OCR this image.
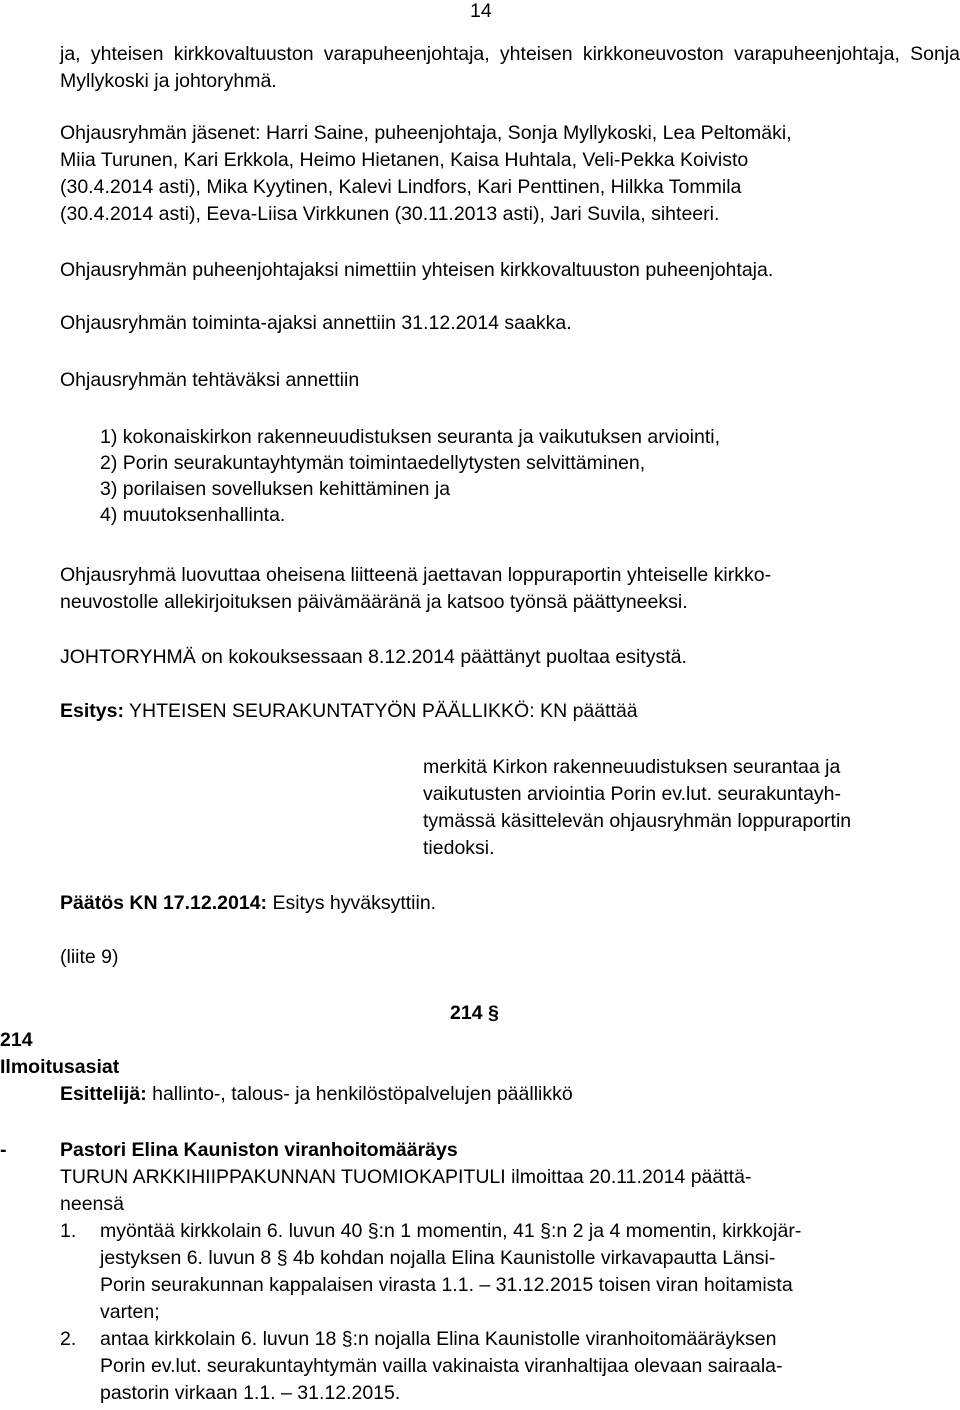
14
ja, yhteisen kirkkovaltuuston varapuheenjohtaja, yhteisen kirkkoneuvoston varapuheenjohtaja, Sonja Myllykoski ja johtoryhmä.
Ohjausryhmän jäsenet: Harri Saine, puheenjohtaja, Sonja Myllykoski, Lea Peltomäki,
Miia Turunen, Kari Erkkola, Heimo Hietanen, Kaisa Huhtala, Veli-Pekka Koivisto
(30.4.2014 asti), Mika Kyytinen, Kalevi Lindfors, Kari Penttinen, Hilkka Tommila
(30.4.2014 asti), Eeva-Liisa Virkkunen (30.11.2013 asti), Jari Suvila, sihteeri.
Ohjausryhmän puheenjohtajaksi nimettiin yhteisen kirkkovaltuuston puheenjohtaja.
Ohjausryhmän toiminta-ajaksi annettiin 31.12.2014 saakka.
Ohjausryhmän tehtäväksi annettiin
1) kokonaiskirkon rakenneuudistuksen seuranta ja vaikutuksen arviointi,
2) Porin seurakuntayhtymän toimintaedellytysten selvittäminen,
3) porilaisen sovelluksen kehittäminen ja
4) muutoksenhallinta.
Ohjausryhmä luovuttaa oheisena liitteenä jaettavan loppuraportin yhteiselle kirkko-
neuvostolle allekirjoituksen päivämääränä ja katsoo työnsä päättyneeksi.
JOHTORYHMÄ on kokouksessaan 8.12.2014 päättänyt puoltaa esitystä.
Esitys: YHTEISEN SEURAKUNTATYÖN PÄÄLLIKKÖ: KN päättää
merkitä Kirkon rakenneuudistuksen seurantaa ja
vaikutusten arviointia Porin ev.lut. seurakuntayh-
tymässä käsittelevän ohjausryhmän loppuraportin
tiedoksi.
Päätös KN 17.12.2014: Esitys hyväksyttiin.
(liite 9)
214 §
214
Ilmoitusasiat
Esittelijä: hallinto-, talous- ja henkilöstöpalvelujen päällikkö
-	Pastori Elina Kauniston viranhoitomääräys
TURUN ARKKIHIIPPAKUNNAN TUOMIOKAPITULI ilmoittaa 20.11.2014 päättä-
neensä
1. myöntää kirkkolain 6. luvun 40 §:n 1 momentin, 41 §:n 2 ja 4 momentin, kirkkojär-
jestyksen 6. luvun 8 § 4b kohdan nojalla Elina Kaunistolle virkavapautta Länsi-
Porin seurakunnan kappalaisen virasta 1.1. – 31.12.2015 toisen viran hoitamista
varten;
2. antaa kirkkolain 6. luvun 18 §:n nojalla Elina Kaunistolle viranhoitomääräyksen
Porin ev.lut. seurakuntayhtymän vailla vakinaista viranhaltijaa olevaan sairaala-
pastorin virkaan 1.1. – 31.12.2015.
